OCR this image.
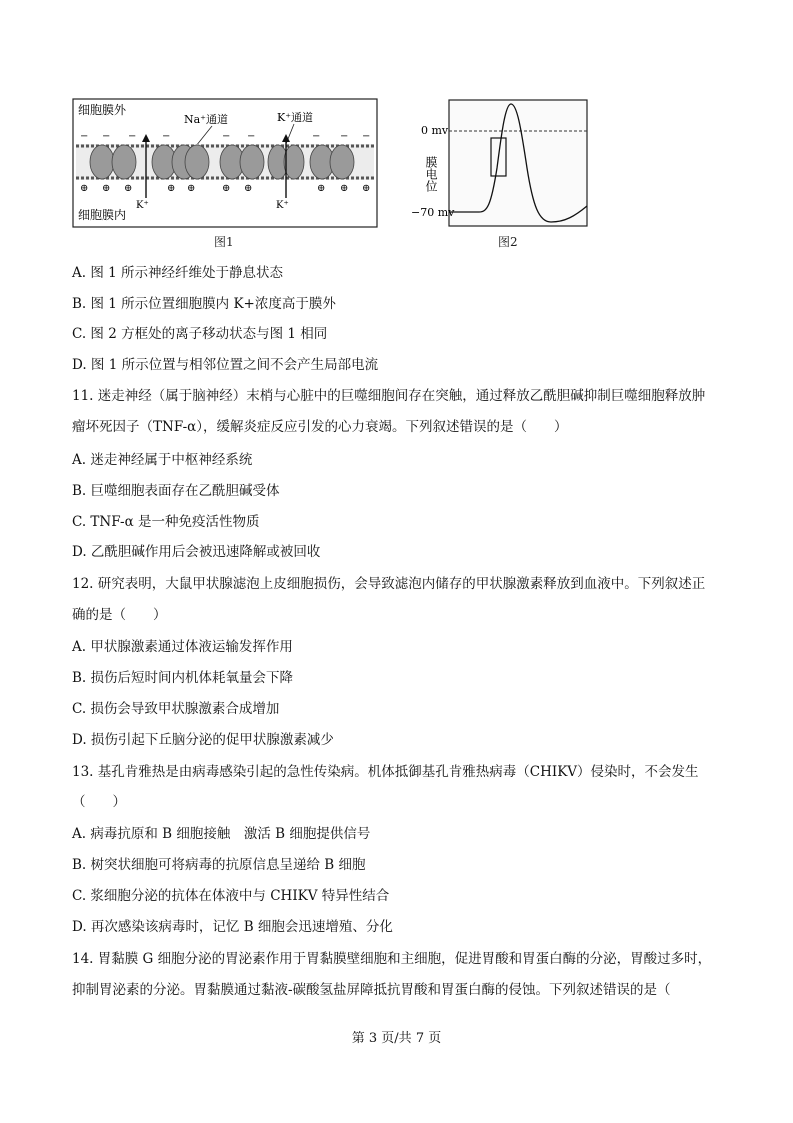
细胞膜外
细胞膜内
Na⁺通道	K⁺通道
− − −	−	− −	− − −
⊕ ⊕ ⊕	⊕ ⊕	⊕ ⊕	⊕ ⊕ ⊕
K⁺	K⁺
图1
0 mv
−70 mv
膜电位
图2
A. 图 1 所示神经纤维处于静息状态
B. 图 1 所示位置细胞膜内 K+浓度高于膜外
C. 图 2 方框处的离子移动状态与图 1 相同
D. 图 1 所示位置与相邻位置之间不会产生局部电流
11. 迷走神经（属于脑神经）末梢与心脏中的巨噬细胞间存在突触，通过释放乙酰胆碱抑制巨噬细胞释放肿
瘤坏死因子（TNF-α），缓解炎症反应引发的心力衰竭。下列叙述错误的是（　　）
A. 迷走神经属于中枢神经系统
B. 巨噬细胞表面存在乙酰胆碱受体
C. TNF-α 是一种免疫活性物质
D. 乙酰胆碱作用后会被迅速降解或被回收
12. 研究表明，大鼠甲状腺滤泡上皮细胞损伤，会导致滤泡内储存的甲状腺激素释放到血液中。下列叙述正
确的是（　　）
A. 甲状腺激素通过体液运输发挥作用
B. 损伤后短时间内机体耗氧量会下降
C. 损伤会导致甲状腺激素合成增加
D. 损伤引起下丘脑分泌的促甲状腺激素减少
13. 基孔肯雅热是由病毒感染引起的急性传染病。机体抵御基孔肯雅热病毒（CHIKV）侵染时，不会发生
（　　）
A. 病毒抗原和 B 细胞接触　激活 B 细胞提供信号
B. 树突状细胞可将病毒的抗原信息呈递给 B 细胞
C. 浆细胞分泌的抗体在体液中与 CHIKV 特异性结合
D. 再次感染该病毒时，记忆 B 细胞会迅速增殖、分化
14. 胃黏膜 G 细胞分泌的胃泌素作用于胃黏膜壁细胞和主细胞，促进胃酸和胃蛋白酶的分泌，胃酸过多时，
抑制胃泌素的分泌。胃黏膜通过黏液-碳酸氢盐屏障抵抗胃酸和胃蛋白酶的侵蚀。下列叙述错误的是（
第 3 页/共 7 页
